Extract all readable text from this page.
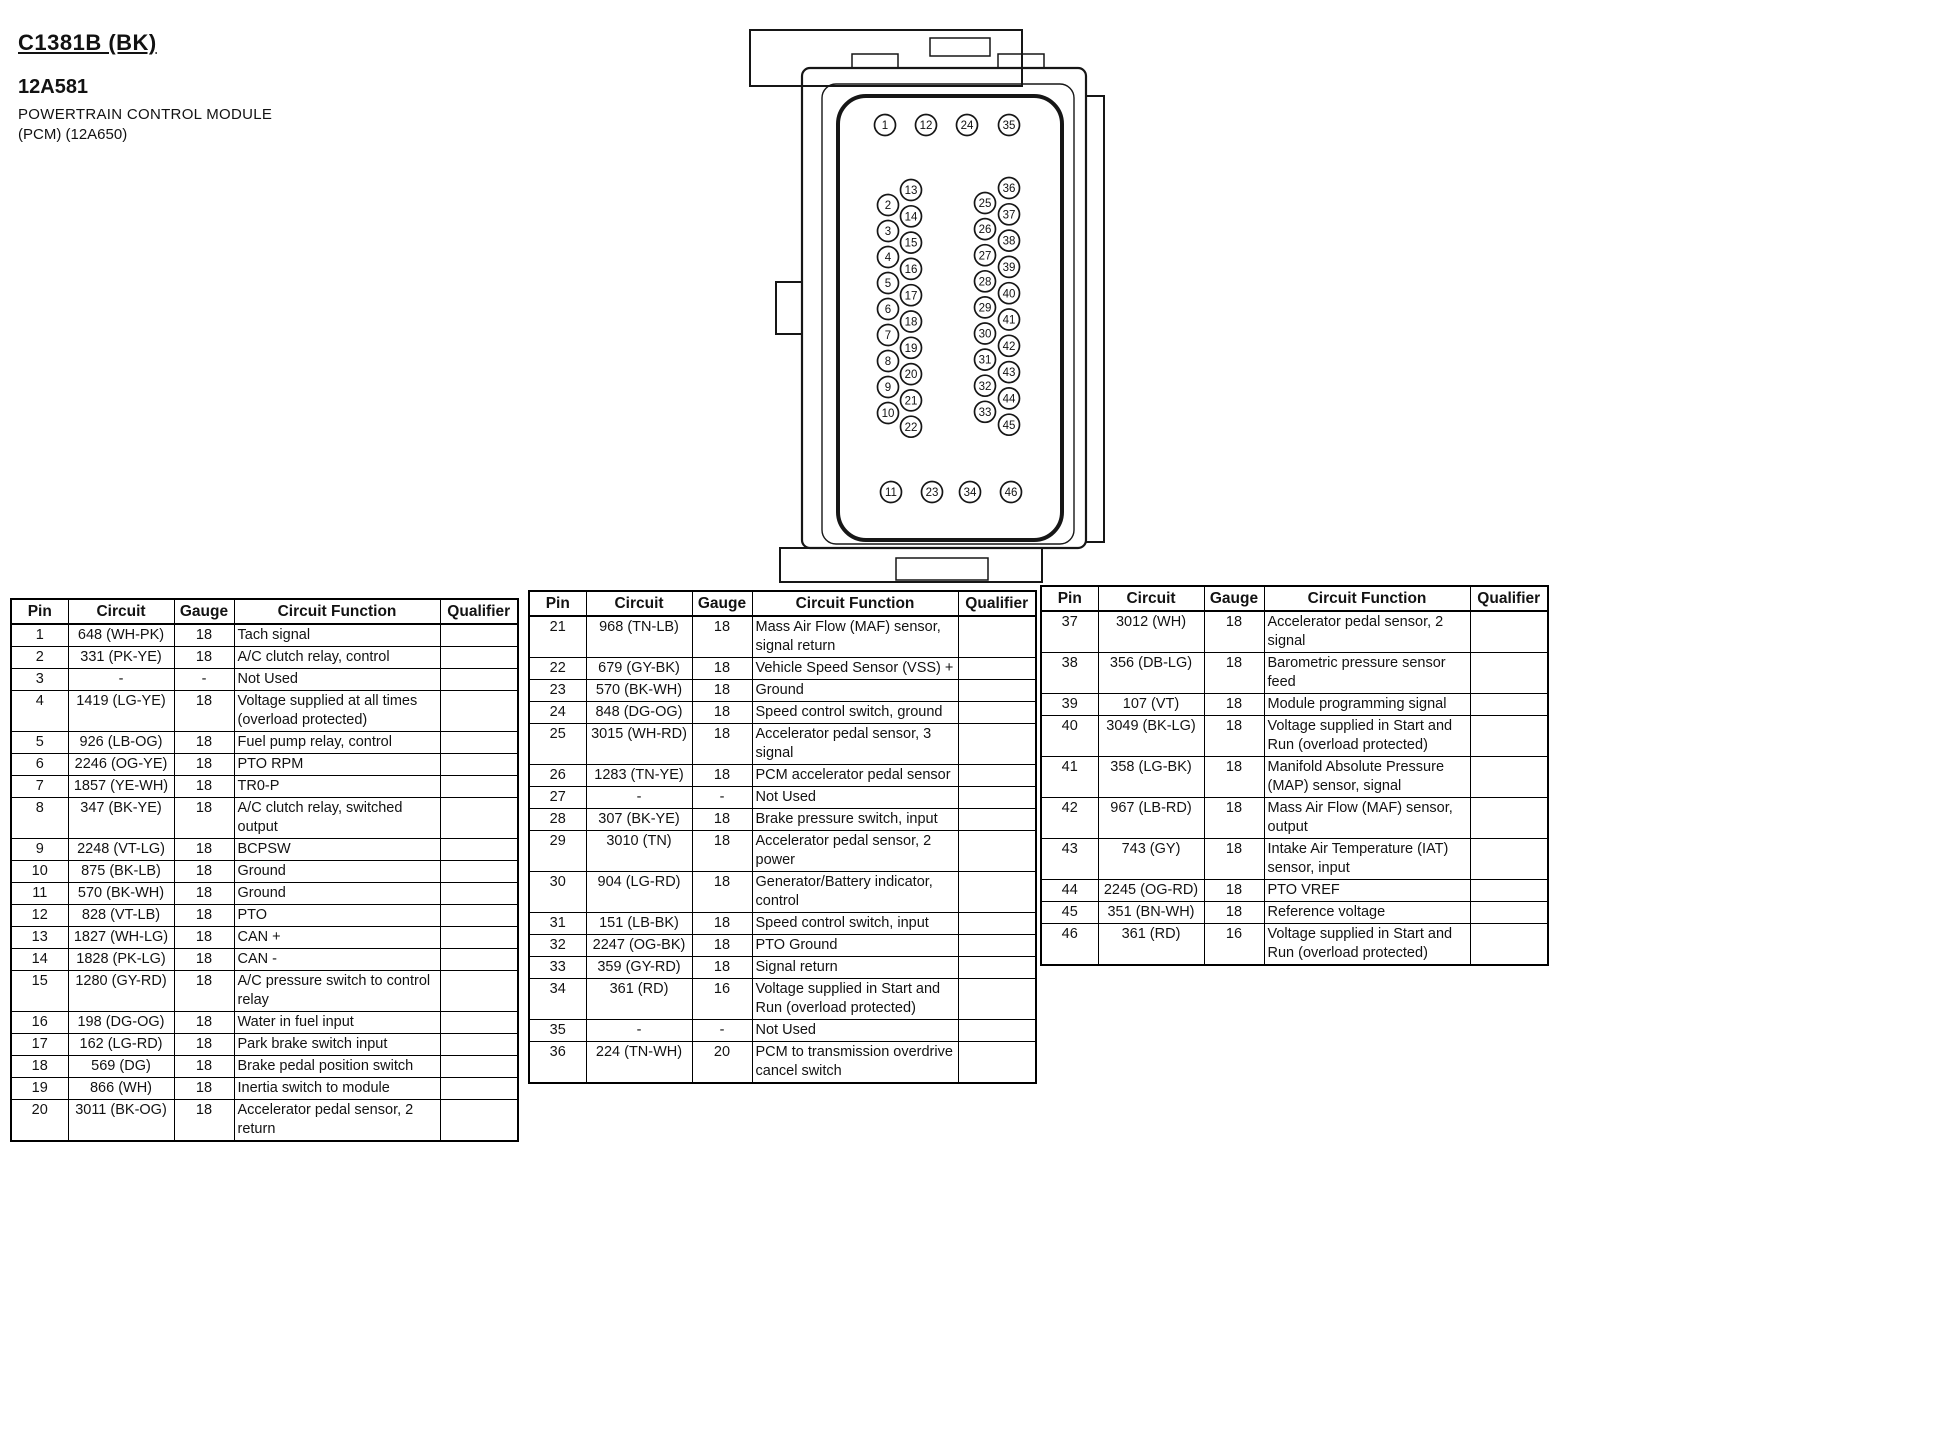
C1381B (BK)
12A581
POWERTRAIN CONTROL MODULE
(PCM) (12A650)	1	12 24	35
11 23 34 46
2
3
4
5
6
7
8
9
10
13
14
15
16
17
18
19
20
21
22
25
26
27
28
29
30
31
32
33
36
37
38
39
40
41
42
43
44
45
Pin	Circuit	Gauge	Circuit Function	Qualifier
1	648 (WH-PK)	18	Tach signal	
2	331 (PK-YE)	18	A/C clutch relay, control	
3	-	-	Not Used	
4	1419 (LG-YE)	18	Voltage supplied at all times (overload protected)	
5	926 (LB-OG)	18	Fuel pump relay, control	
6	2246 (OG-YE)	18	PTO RPM	
7	1857 (YE-WH)	18	TR0-P	
8	347 (BK-YE)	18	A/C clutch relay, switched output	
9	2248 (VT-LG)	18	BCPSW	
10	875 (BK-LB)	18	Ground	
11	570 (BK-WH)	18	Ground	
12	828 (VT-LB)	18	PTO	
13	1827 (WH-LG)	18	CAN +	
14	1828 (PK-LG)	18	CAN -	
15	1280 (GY-RD)	18	A/C pressure switch to control relay	
16	198 (DG-OG)	18	Water in fuel input	
17	162 (LG-RD)	18	Park brake switch input	
18	569 (DG)	18	Brake pedal position switch	
19	866 (WH)	18	Inertia switch to module	
20	3011 (BK-OG)	18	Accelerator pedal sensor, 2 return	
Pin	Circuit	Gauge	Circuit Function	Qualifier
21	968 (TN-LB)	18	Mass Air Flow (MAF) sensor, signal return	
22	679 (GY-BK)	18	Vehicle Speed Sensor (VSS) +	
23	570 (BK-WH)	18	Ground	
24	848 (DG-OG)	18	Speed control switch, ground	
25	3015 (WH-RD)	18	Accelerator pedal sensor, 3 signal	
26	1283 (TN-YE)	18	PCM accelerator pedal sensor	
27	-	-	Not Used	
28	307 (BK-YE)	18	Brake pressure switch, input	
29	3010 (TN)	18	Accelerator pedal sensor, 2 power	
30	904 (LG-RD)	18	Generator/Battery indicator, control	
31	151 (LB-BK)	18	Speed control switch, input	
32	2247 (OG-BK)	18	PTO Ground	
33	359 (GY-RD)	18	Signal return	
34	361 (RD)	16	Voltage supplied in Start and Run (overload protected)	
35	-	-	Not Used	
36	224 (TN-WH)	20	PCM to transmission overdrive cancel switch	
Pin	Circuit	Gauge	Circuit Function	Qualifier
37	3012 (WH)	18	Accelerator pedal sensor, 2 signal	
38	356 (DB-LG)	18	Barometric pressure sensor feed	
39	107 (VT)	18	Module programming signal	
40	3049 (BK-LG)	18	Voltage supplied in Start and Run (overload protected)	
41	358 (LG-BK)	18	Manifold Absolute Pressure (MAP) sensor, signal	
42	967 (LB-RD)	18	Mass Air Flow (MAF) sensor, output	
43	743 (GY)	18	Intake Air Temperature (IAT) sensor, input	
44	2245 (OG-RD)	18	PTO VREF	
45	351 (BN-WH)	18	Reference voltage	
46	361 (RD)	16	Voltage supplied in Start and Run (overload protected)	
